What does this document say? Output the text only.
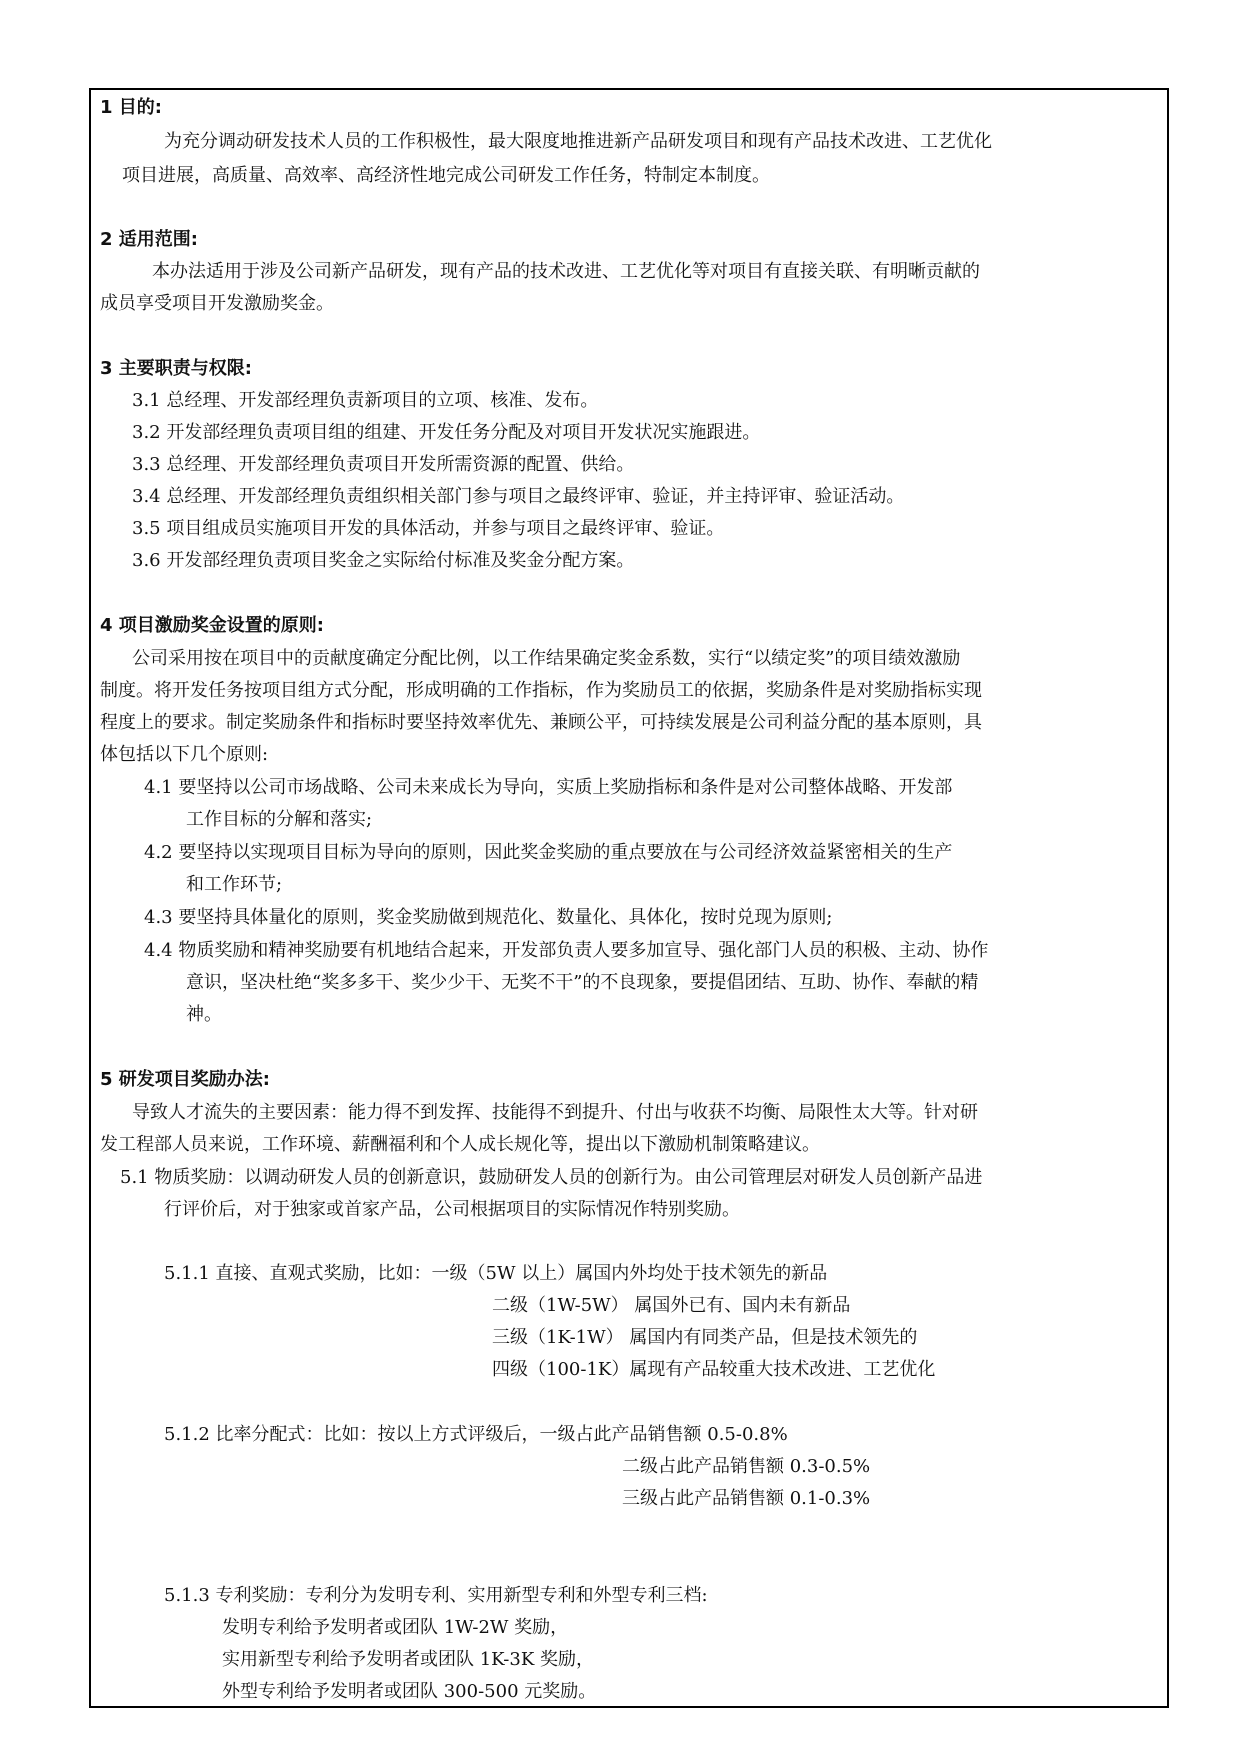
1 目的:
为充分调动研发技术人员的工作积极性，最大限度地推进新产品研发项目和现有产品技术改进、工艺优化
项目进展，高质量、高效率、高经济性地完成公司研发工作任务，特制定本制度。
2 适用范围:
本办法适用于涉及公司新产品研发，现有产品的技术改进、工艺优化等对项目有直接关联、有明晰贡献的
成员享受项目开发激励奖金。
3 主要职责与权限:
3.1 总经理、开发部经理负责新项目的立项、核准、发布。
3.2 开发部经理负责项目组的组建、开发任务分配及对项目开发状况实施跟进。
3.3 总经理、开发部经理负责项目开发所需资源的配置、供给。
3.4 总经理、开发部经理负责组织相关部门参与项目之最终评审、验证，并主持评审、验证活动。
3.5 项目组成员实施项目开发的具体活动，并参与项目之最终评审、验证。
3.6 开发部经理负责项目奖金之实际给付标准及奖金分配方案。
4 项目激励奖金设置的原则:
公司采用按在项目中的贡献度确定分配比例，以工作结果确定奖金系数，实行“以绩定奖”的项目绩效激励
制度。将开发任务按项目组方式分配，形成明确的工作指标，作为奖励员工的依据，奖励条件是对奖励指标实现
程度上的要求。制定奖励条件和指标时要坚持效率优先、兼顾公平，可持续发展是公司利益分配的基本原则，具
体包括以下几个原则:
4.1 要坚持以公司市场战略、公司未来成长为导向，实质上奖励指标和条件是对公司整体战略、开发部
工作目标的分解和落实;
4.2 要坚持以实现项目目标为导向的原则，因此奖金奖励的重点要放在与公司经济效益紧密相关的生产
和工作环节;
4.3 要坚持具体量化的原则，奖金奖励做到规范化、数量化、具体化，按时兑现为原则;
4.4 物质奖励和精神奖励要有机地结合起来，开发部负责人要多加宣导、强化部门人员的积极、主动、协作
意识，坚决杜绝“奖多多干、奖少少干、无奖不干”的不良现象，要提倡团结、互助、协作、奉献的精
神。
5 研发项目奖励办法:
导致人才流失的主要因素：能力得不到发挥、技能得不到提升、付出与收获不均衡、局限性太大等。针对研
发工程部人员来说，工作环境、薪酬福利和个人成长规化等，提出以下激励机制策略建议。
5.1 物质奖励：以调动研发人员的创新意识，鼓励研发人员的创新行为。由公司管理层对研发人员创新产品进
行评价后，对于独家或首家产品，公司根据项目的实际情况作特别奖励。
5.1.1 直接、直观式奖励，比如：一级（5W 以上）属国内外均处于技术领先的新品
二级（1W-5W） 属国外已有、国内未有新品
三级（1K-1W） 属国内有同类产品，但是技术领先的
四级（100-1K）属现有产品较重大技术改进、工艺优化
5.1.2 比率分配式：比如：按以上方式评级后，一级占此产品销售额 0.5-0.8%
二级占此产品销售额 0.3-0.5%
三级占此产品销售额 0.1-0.3%
5.1.3 专利奖励：专利分为发明专利、实用新型专利和外型专利三档:
发明专利给予发明者或团队 1W-2W 奖励，
实用新型专利给予发明者或团队 1K-3K 奖励，
外型专利给予发明者或团队 300-500 元奖励。
